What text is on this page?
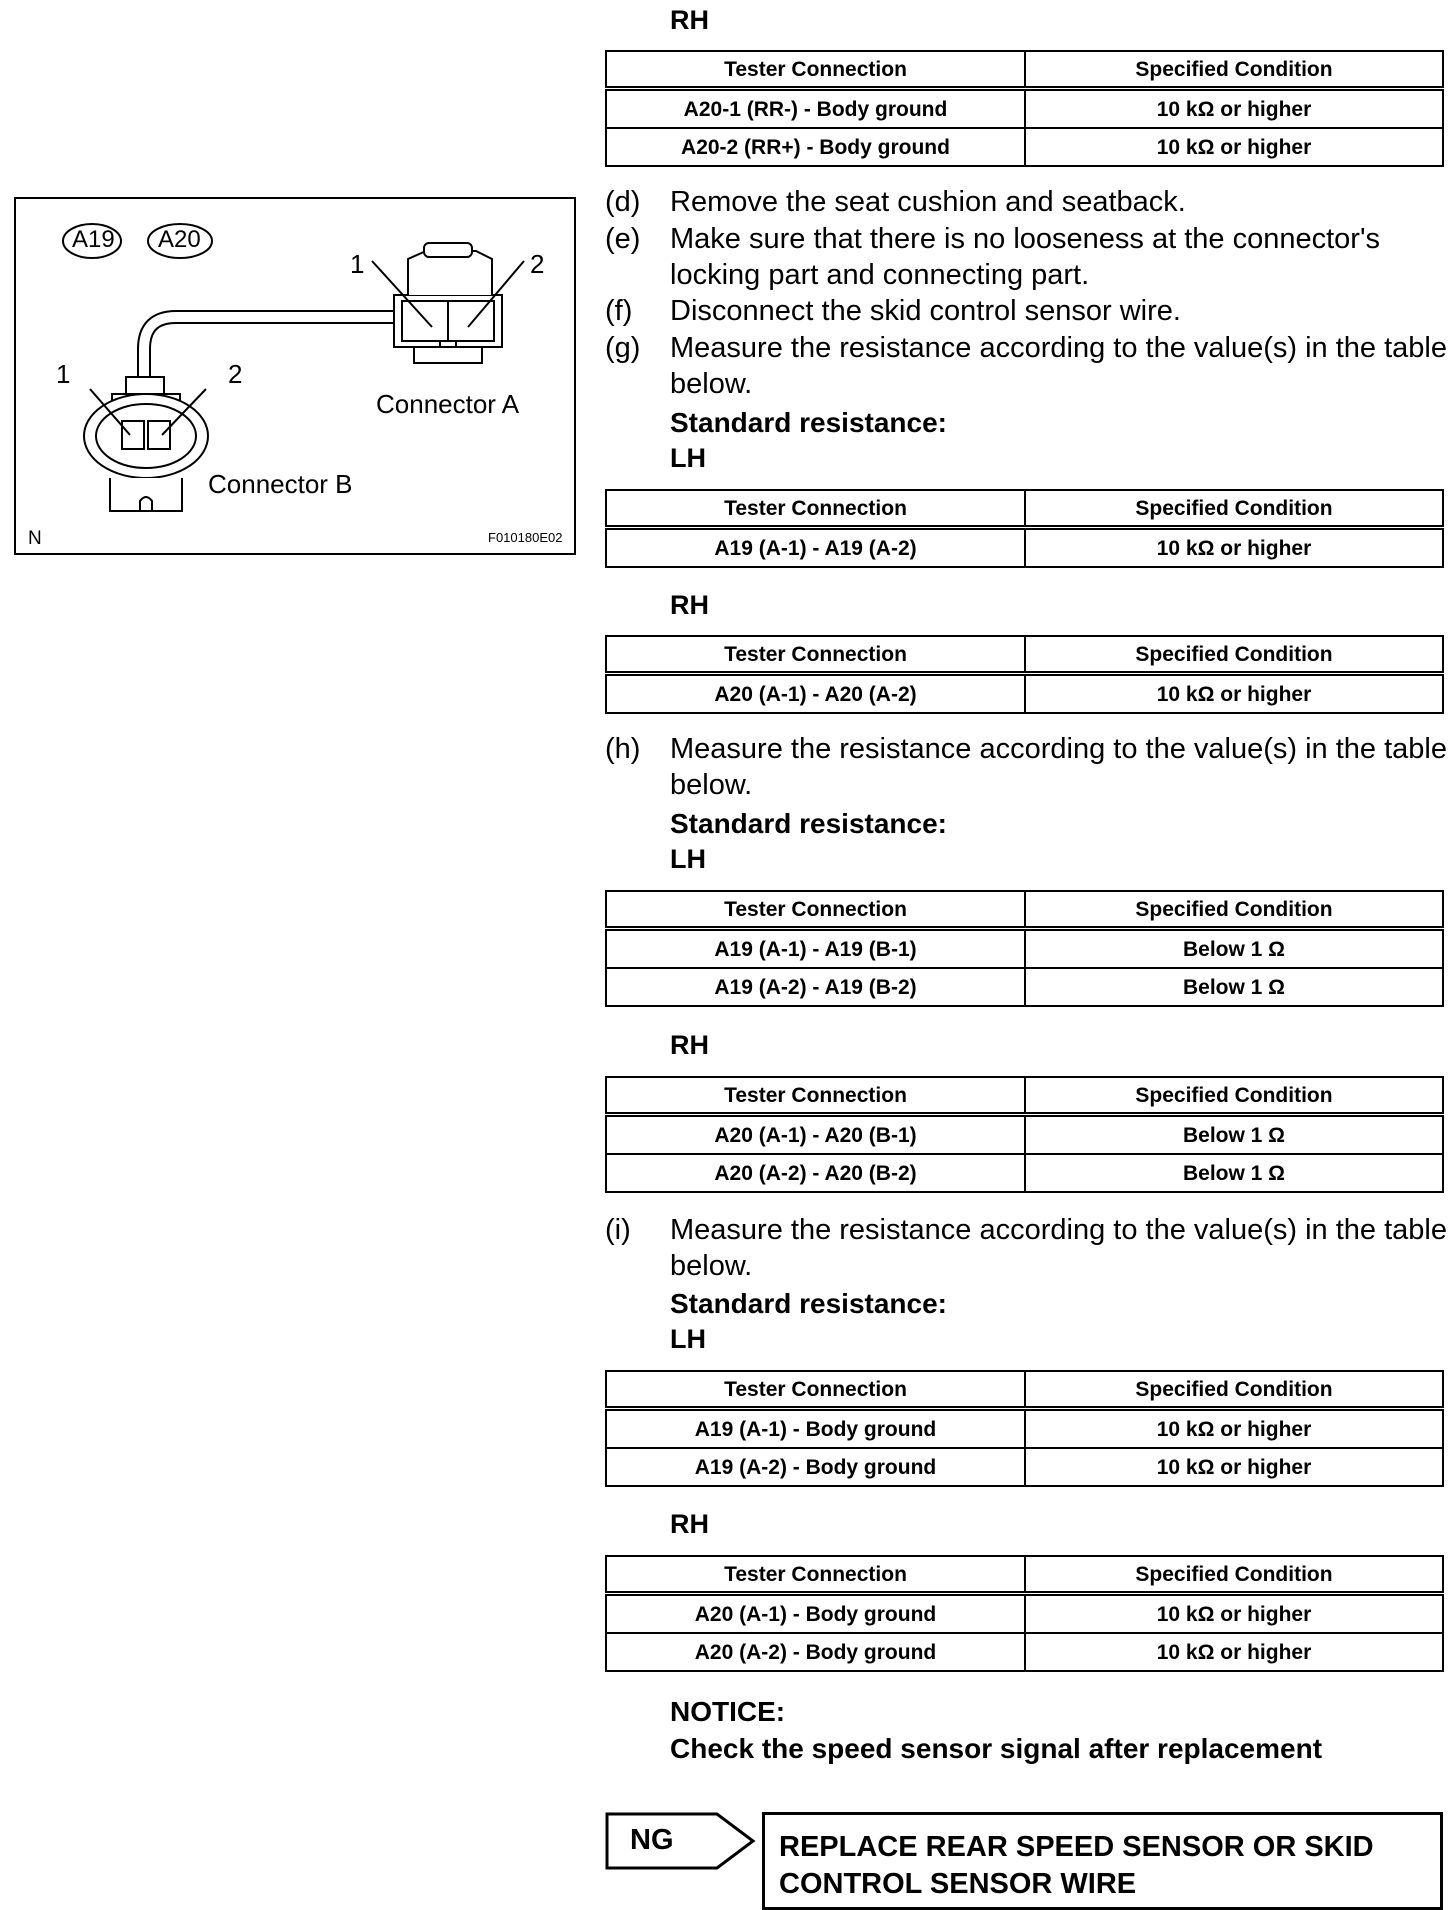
RH
Tester Connection	Specified Condition
A20-1 (RR-) - Body ground	10 kΩ or higher
A20-2 (RR+) - Body ground	10 kΩ or higher
A19 A20
1	2
1	2
Connector A
Connector B
N	F010180E02
(d)	Remove the seat cushion and seatback.
(e)	Make sure that there is no looseness at the connector's locking part and connecting part.
(f)	Disconnect the skid control sensor wire.
(g)	Measure the resistance according to the value(s) in the table below.
Standard resistance:
LH
Tester Connection	Specified Condition
A19 (A-1) - A19 (A-2)	10 kΩ or higher
RH
Tester Connection	Specified Condition
A20 (A-1) - A20 (A-2)	10 kΩ or higher
(h)	Measure the resistance according to the value(s) in the table below.
Standard resistance:
LH
Tester Connection	Specified Condition
A19 (A-1) - A19 (B-1)	Below 1 Ω
A19 (A-2) - A19 (B-2)	Below 1 Ω
RH
Tester Connection	Specified Condition
A20 (A-1) - A20 (B-1)	Below 1 Ω
A20 (A-2) - A20 (B-2)	Below 1 Ω
(i)	Measure the resistance according to the value(s) in the table below.
Standard resistance:
LH
Tester Connection	Specified Condition
A19 (A-1) - Body ground	10 kΩ or higher
A19 (A-2) - Body ground	10 kΩ or higher
RH
Tester Connection	Specified Condition
A20 (A-1) - Body ground	10 kΩ or higher
A20 (A-2) - Body ground	10 kΩ or higher
NOTICE:
Check the speed sensor signal after replacement
NG	REPLACE REAR SPEED SENSOR OR SKID
CONTROL SENSOR WIRE
